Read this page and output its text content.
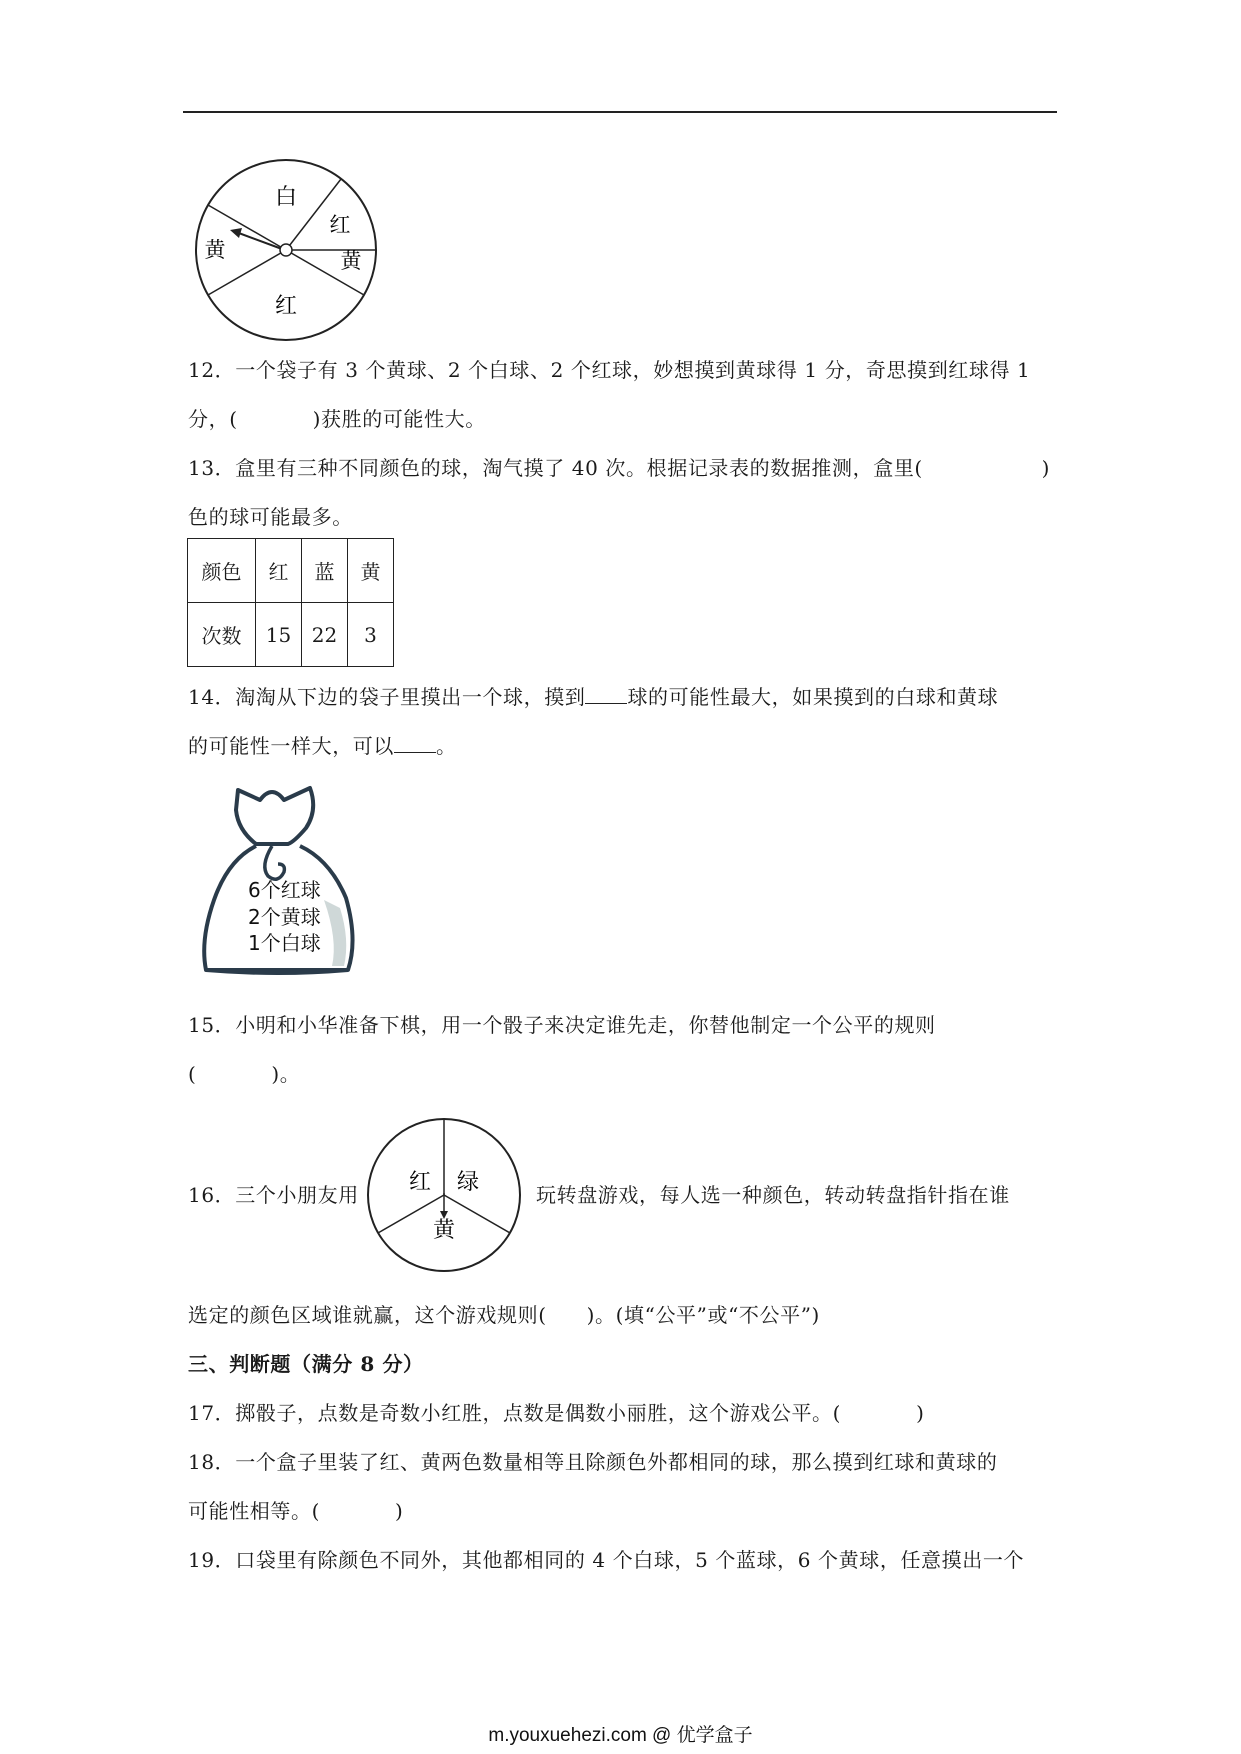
白
红
黄
红
黄
12．一个袋子有 3 个黄球、2 个白球、2 个红球，妙想摸到黄球得 1 分，奇思摸到红球得 1
分，(	)获胜的可能性大。
13．盒里有三种不同颜色的球，淘气摸了 40 次。根据记录表的数据推测，盒里(	)
色的球可能最多。
颜色	红	蓝	黄
次数	15	22	3
14．淘淘从下边的袋子里摸出一个球，摸到 球的可能性最大，如果摸到的白球和黄球
的可能性一样大，可以 。
6个红球
2个黄球
1个白球
15．小明和小华准备下棋，用一个骰子来决定谁先走，你替他制定一个公平的规则
(	)。
16．三个小朋友用 红 绿
黄
玩转盘游戏，每人选一种颜色，转动转盘指针指在谁
选定的颜色区域谁就赢，这个游戏规则( )。(填“公平”或“不公平”)
三、判断题（满分 8 分）
17．掷骰子，点数是奇数小红胜，点数是偶数小丽胜，这个游戏公平。(	)
18．一个盒子里装了红、黄两色数量相等且除颜色外都相同的球，那么摸到红球和黄球的
可能性相等。(	)
19．口袋里有除颜色不同外，其他都相同的 4 个白球，5 个蓝球，6 个黄球，任意摸出一个
m.youxuehezi.com @ 优学盒子
